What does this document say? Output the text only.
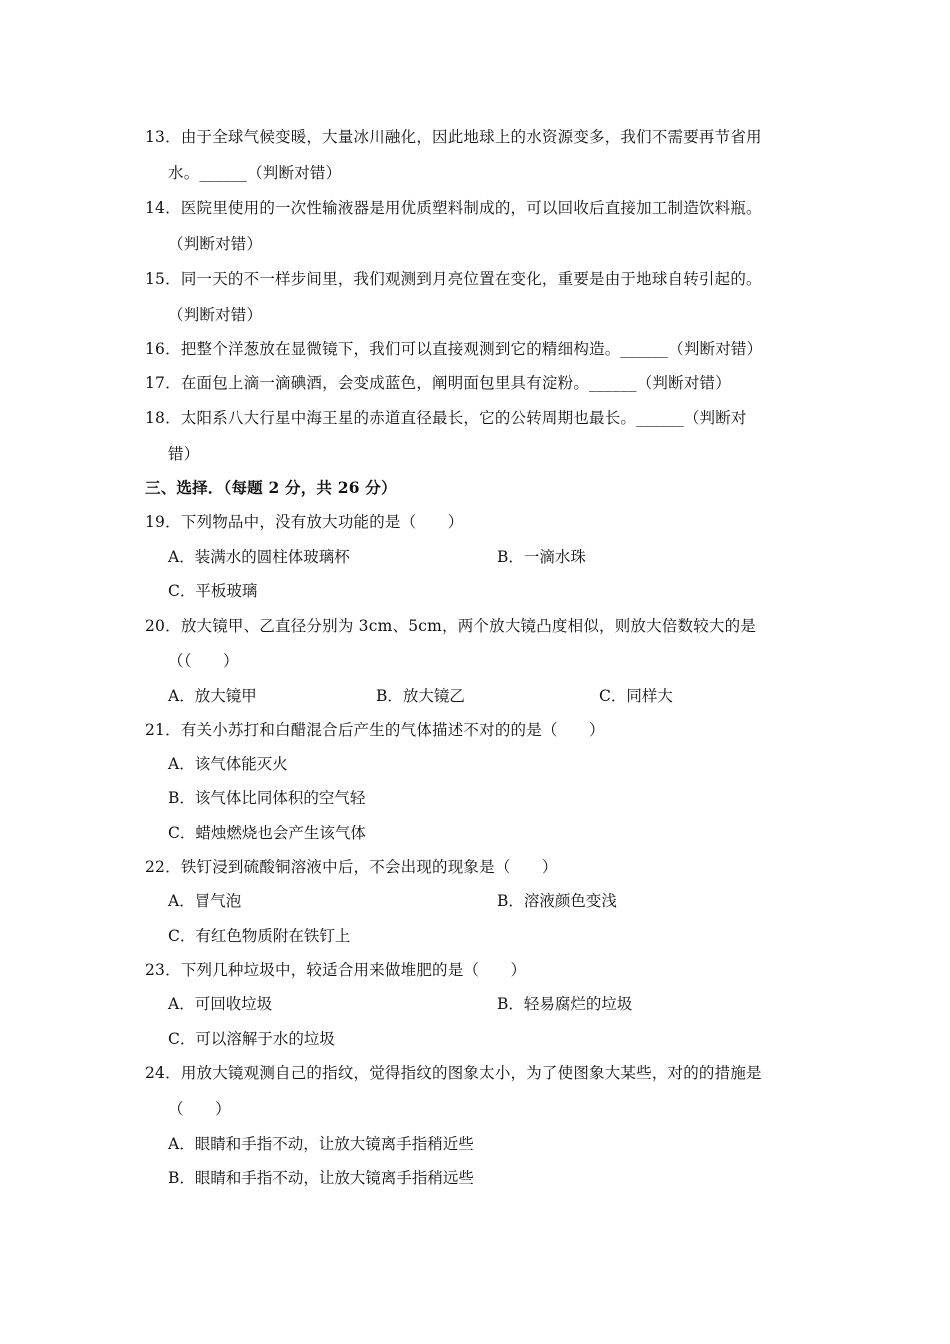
13．由于全球气候变暖，大量冰川融化，因此地球上的水资源变多，我们不需要再节省用
水。______（判断对错）
14．医院里使用的一次性输液器是用优质塑料制成的，可以回收后直接加工制造饮料瓶。
（判断对错）
15．同一天的不一样步间里，我们观测到月亮位置在变化，重要是由于地球自转引起的。
（判断对错）
16．把整个洋葱放在显微镜下，我们可以直接观测到它的精细构造。______（判断对错）
17．在面包上滴一滴碘酒，会变成蓝色，阐明面包里具有淀粉。______（判断对错）
18．太阳系八大行星中海王星的赤道直径最长，它的公转周期也最长。______（判断对
错）
三、选择．（每题 2 分，共 26 分）
19．下列物品中，没有放大功能的是（　　）
A．装满水的圆柱体玻璃杯	B．一滴水珠
C．平板玻璃
20．放大镜甲、乙直径分别为 3cm、5cm，两个放大镜凸度相似，则放大倍数较大的是
（（　　）
A．放大镜甲	B．放大镜乙	C．同样大
21．有关小苏打和白醋混合后产生的气体描述不对的的是（　　）
A．该气体能灭火
B．该气体比同体积的空气轻
C．蜡烛燃烧也会产生该气体
22．铁钉浸到硫酸铜溶液中后，不会出现的现象是（　　）
A．冒气泡	B．溶液颜色变浅
C．有红色物质附在铁钉上
23．下列几种垃圾中，较适合用来做堆肥的是（　　）
A．可回收垃圾	B．轻易腐烂的垃圾
C．可以溶解于水的垃圾
24．用放大镜观测自己的指纹，觉得指纹的图象太小，为了使图象大某些，对的的措施是
（　　）
A．眼睛和手指不动，让放大镜离手指稍近些
B．眼睛和手指不动，让放大镜离手指稍远些
